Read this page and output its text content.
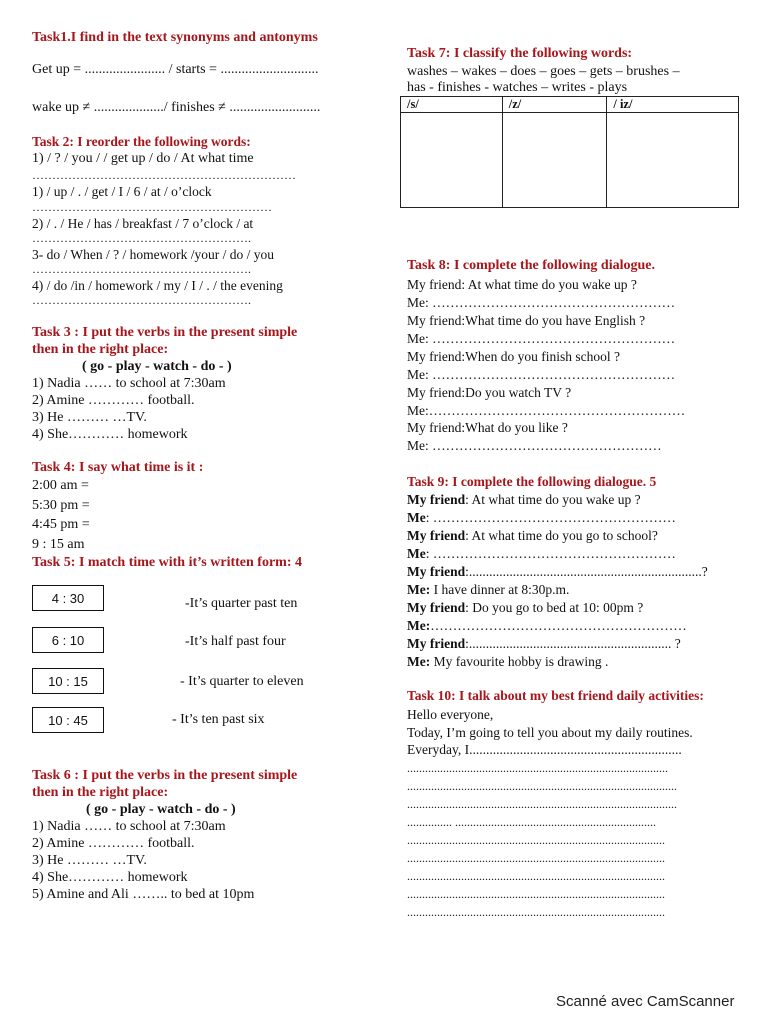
Task1.I find in the text synonyms and antonyms
Get up = ....................... / starts = ............................
wake up ≠ ..................../ finishes ≠ ..........................
Task 2: I reorder the following words:
1) / ? / you / / get up / do / At what time
…………………………………………………………
1) / up / . / get / I / 6 / at / o’clock
……………………………………………………
2) / . / He / has / breakfast / 7 o’clock / at
……………………………………………….
3- do / When / ? / homework /your / do / you
……………………………………………….
4) / do /in / homework / my / I / . / the evening
……………………………………………….
Task 3 : I put the verbs in the present simple
then in the right place:
( go - play - watch - do - )
1) Nadia …… to school at 7:30am
2) Amine ………… football.
3) He ……… …TV.
4) She………… homework
Task 4: I say what time is it :
2:00 am =
5:30 pm =
4:45 pm =
9 : 15 am
Task 5: I match time with it’s written form: 4
4 : 30
6 : 10
10 : 15
10 : 45
-It’s quarter past ten
-It’s half past four
- It’s quarter to eleven
- It’s ten past six
Task 6 : I put the verbs in the present simple
then in the right place:
( go - play - watch - do - )
1) Nadia …… to school at 7:30am
2) Amine ………… football.
3) He ……… …TV.
4) She………… homework
5) Amine and Ali …….. to bed at 10pm
Task 7: I classify the following words:
washes – wakes – does – goes – gets – brushes –
has - finishes - watches – writes - plays
/s/	/z/	/ iz/

Task 8: I complete the following dialogue.
My friend: At what time do you wake up ?
Me: ………………………………………………
My friend:What time do you have English ?
Me: ………………………………………………
My friend:When do you finish school ?
Me: ………………………………………………
My friend:Do you watch TV ?
Me:…………………………………………………
My friend:What do you like ?
Me: ……………………………………………
Task 9: I complete the following dialogue. 5
My friend: At what time do you wake up ?
Me: ………………………………………………
My friend: At what time do you go to school?
Me: ………………………………………………
My friend:.....................................................................?
Me: I have dinner at 8:30p.m.
My friend: Do you go to bed at 10: 00pm ?
Me:…………………………………………………
My friend:............................................................ ?
Me: My favourite hobby is drawing .
Task 10: I talk about my best friend daily activities:
Hello everyone,
Today, I’m going to tell you about my daily routines.
Everyday, I...............................................................
.......................................................................................
..........................................................................................
..........................................................................................
............... ...................................................................
......................................................................................
......................................................................................
......................................................................................
......................................................................................
......................................................................................
Scanné avec CamScanner
